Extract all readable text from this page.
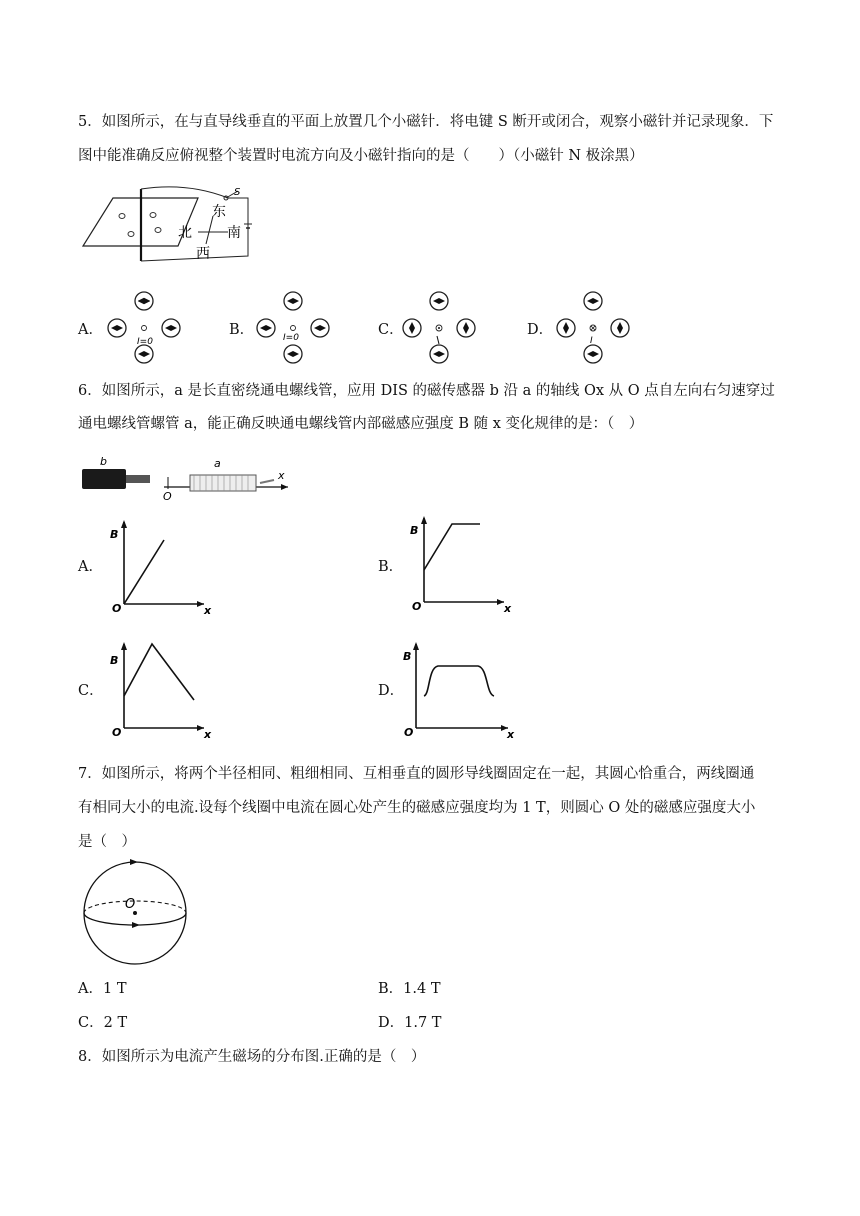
5．如图所示，在与直导线垂直的平面上放置几个小磁针．将电键 S 断开或闭合，观察小磁针并记录现象．下
图中能准确反应俯视整个装置时电流方向及小磁针指向的是（　　）（小磁针 N 极涂黑）
S
东
南
北
西
A．
I=0
B．	I=0	C．
I
D．
I
6．如图所示，a 是长直密绕通电螺线管，应用 DIS 的磁传感器 b 沿 a 的轴线 Ox 从 O 点自左向右匀速穿过
通电螺线管螺管 a，能正确反映通电螺线管内部磁感应强度 B 随 x 变化规律的是：（　）
b
O
a
x
A．
B
O	x
B．
B
O	x
C．
B
O	x
D．
B
O	x
7．如图所示，将两个半径相同、粗细相同、互相垂直的圆形导线圈固定在一起，其圆心恰重合，两线圈通
有相同大小的电流.设每个线圈中电流在圆心处产生的磁感应强度均为 1 T，则圆心 O 处的磁感应强度大小
是（　）
O
A．1 T	B．1.4 T
C．2 T	D．1.7 T
8．如图所示为电流产生磁场的分布图.正确的是（　）
